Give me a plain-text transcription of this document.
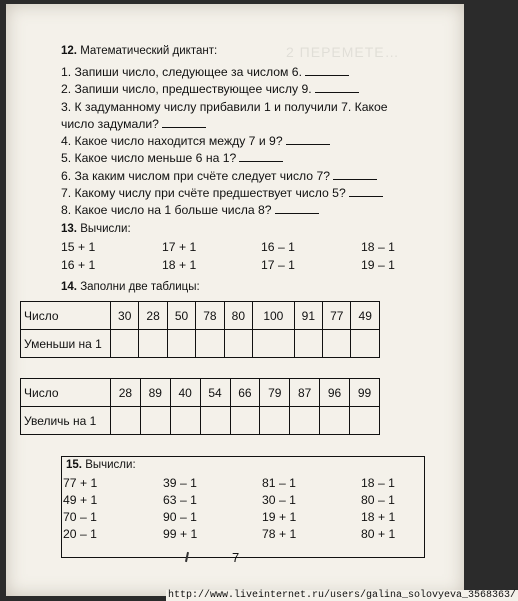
2 ПЕРЕМЕТЕ…
12. Математический диктант:
1. Запиши число, следующее за числом 6.
2. Запиши число, предшествующее числу 9.
3. К задуманному числу прибавили 1 и получили 7. Какое число задумали?
4. Какое число находится между 7 и 9?
5. Какое число меньше 6 на 1?
6. За каким числом при счёте следует число 7?
7. Какому числу при счёте предшествует число 5?
8. Какое число на 1 больше числа 8?
13. Вычисли:
15 + 1	17 + 1	16 – 1	18 – 1
16 + 1	18 + 1	17 – 1	19 – 1
14. Заполни две таблицы:
Число	30	28	50	78	80	100	91	77	49
Уменьши на 1									
Число	28	89	40	54	66	79	87	96	99
Увеличь на 1									
15. Вычисли:
77 + 1	39 – 1	81 – 1	18 – 1
49 + 1	63 – 1	30 – 1	80 – 1
70 – 1	90 – 1	19 + 1	18 + 1
20 – 1	99 + 1	78 + 1	80 + 1
7
http://www.liveinternet.ru/users/galina_solovyeva_3568363/
